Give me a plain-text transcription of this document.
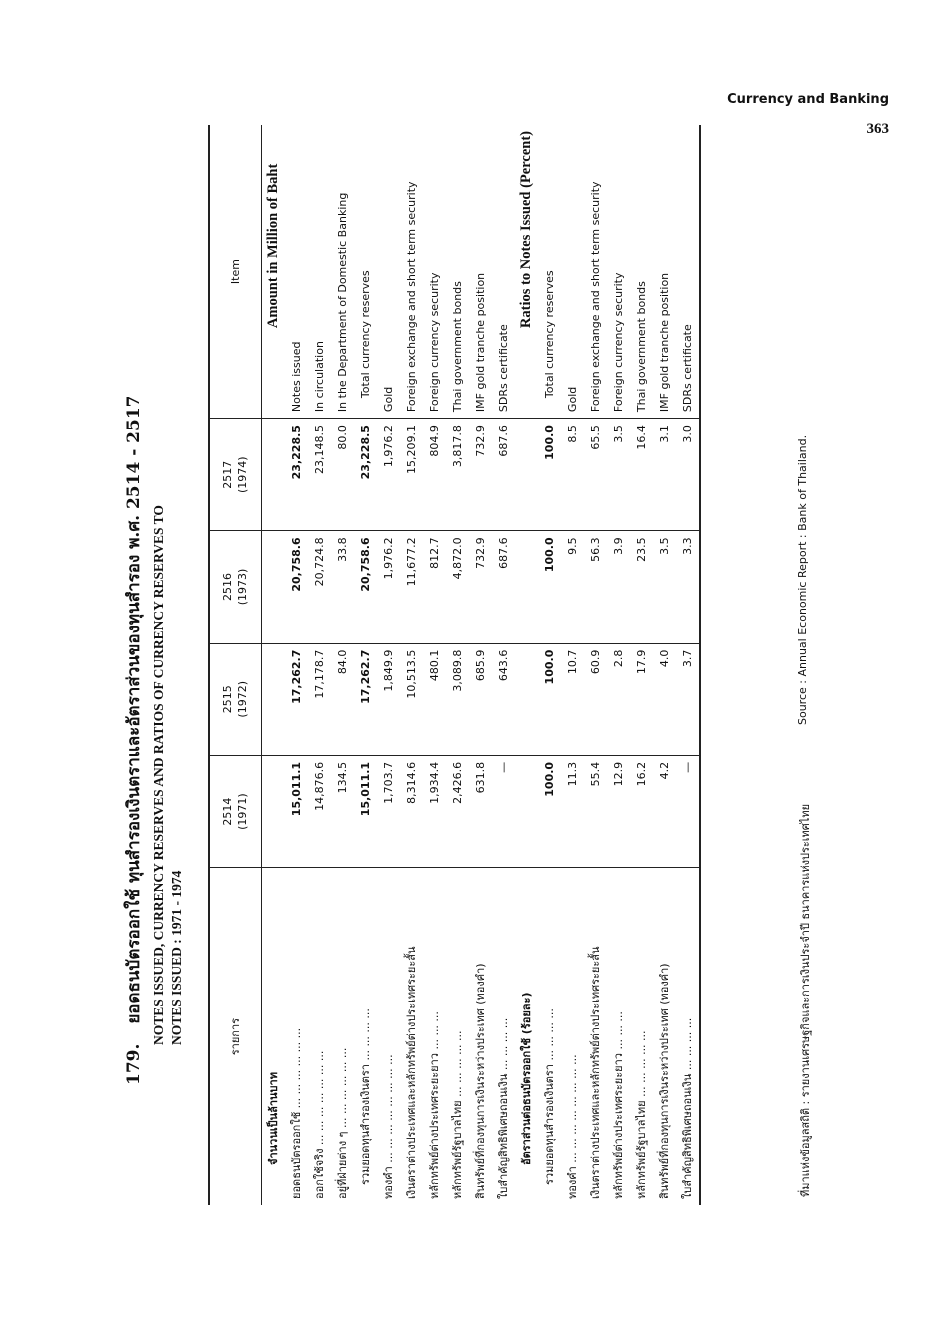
Currency and Banking
363
179. ยอดธนบัตรออกใช้ ทุนสำรองเงินตราและอัตราส่วนของทุนสำรอง พ.ศ. 2514 - 2517 NOTES ISSUED, CURRENCY RESERVES AND RATIOS OF CURRENCY RESERVES TO NOTES ISSUED : 1971 - 1974	รายการ	2514 (1971)	2515 (1972)	2516 (1973)	2517 (1974)	Item
จำนวนเป็นล้านบาท					Amount in Million of Baht
ยอดธนบัตรออกใช้ ... ... ... ... ... ...	15,011.1	17,262.7	20,758.6	23,228.5	Notes issued
ออกใช้จริง ... ... ... ... ... ... ...	14,876.6	17,178.7	20,724.8	23,148.5	In circulation
อยู่ที่ฝ่ายต่าง ๆ ... ... ... ... ... ...	134.5	84.0	33.8	80.0	In the Department of Domestic Banking
รวมยอดทุนสำรองเงินตรา ... ... ... ...	15,011.1	17,262.7	20,758.6	23,228.5	Total currency reserves
ทองคำ ... ... ... ... ... ... ... ...	1,703.7	1,849.9	1,976.2	1,976.2	Gold
เงินตราต่างประเทศและหลักทรัพย์ต่างประเทศระยะสั้น	8,314.6	10,513.5	11,677.2	15,209.1	Foreign exchange and short term security
หลักทรัพย์ต่างประเทศระยะยาว ... ... ...	1,934.4	480.1	812.7	804.9	Foreign currency security
หลักทรัพย์รัฐบาลไทย ... ... ... ... ...	2,426.6	3,089.8	4,872.0	3,817.8	Thai government bonds
สินทรัพย์ที่กองทุนการเงินระหว่างประเทศ (ทองคำ)	631.8	685.9	732.9	732.9	IMF gold tranche position
ใบสำคัญสิทธิพิเศษถอนเงิน ... ... ... ...	—	643.6	687.6	687.6	SDRs certificate
อัตราส่วนต่อธนบัตรออกใช้ (ร้อยละ)					Ratios to Notes Issued (Percent)
รวมยอดทุนสำรองเงินตรา ... ... ... ...	100.0	100.0	100.0	100.0	Total currency reserves
ทองคำ ... ... ... ... ... ... ... ...	11.3	10.7	9.5	8.5	Gold
เงินตราต่างประเทศและหลักทรัพย์ต่างประเทศระยะสั้น	55.4	60.9	56.3	65.5	Foreign exchange and short term security
หลักทรัพย์ต่างประเทศระยะยาว ... ... ...	12.9	2.8	3.9	3.5	Foreign currency security
หลักทรัพย์รัฐบาลไทย ... ... ... ... ...	16.2	17.9	23.5	16.4	Thai government bonds
สินทรัพย์ที่กองทุนการเงินระหว่างประเทศ (ทองคำ)	4.2	4.0	3.5	3.1	IMF gold tranche position
ใบสำคัญสิทธิพิเศษถอนเงิน ... ... ... ...	—	3.7	3.3	3.0	SDRs certificate
ที่มาแห่งข้อมูลสถิติ : รายงานเศรษฐกิจและการเงินประจำปี ธนาคารแห่งประเทศไทย
Source : Annual Economic Report : Bank of Thailand.
